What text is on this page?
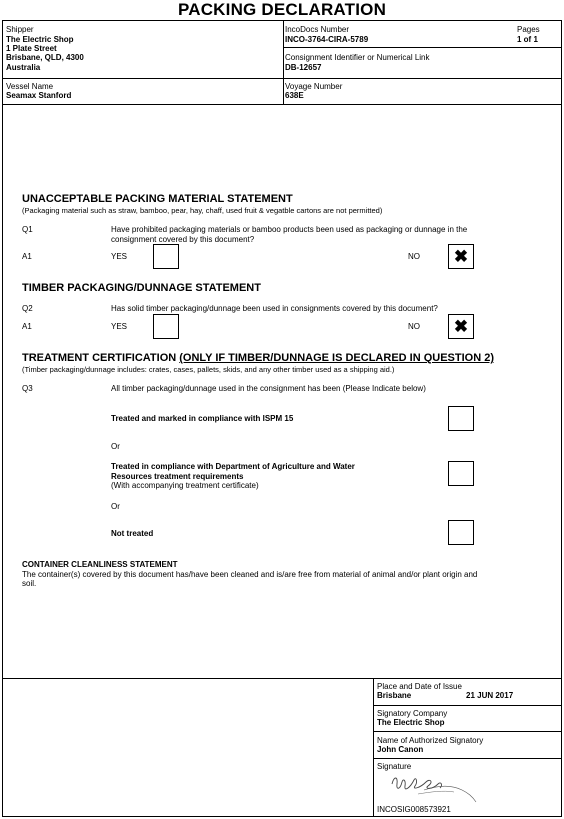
PACKING DECLARATION
Shipper
The Electric Shop
1 Plate Street
Brisbane, QLD, 4300
Australia
IncoDocs Number
INCO-3764-CIRA-5789
Pages
1 of 1
Consignment Identifier or Numerical Link
DB-12657
Vessel Name
Seamax Stanford
Voyage Number
638E
UNACCEPTABLE PACKING MATERIAL STATEMENT
(Packaging material such as straw, bamboo, pear, hay, chaff, used fruit & vegatble cartons are not permitted)
Q1	Have prohibited packaging materials or bamboo products been used as packaging or dunnage in the
consignment covered by this document?
A1	YES	NO ✖
TIMBER PACKAGING/DUNNAGE STATEMENT
Q2	Has solid timber packaging/dunnage been used in consignments covered by this document?
A1	YES	NO ✖
TREATMENT CERTIFICATION (ONLY IF TIMBER/DUNNAGE IS DECLARED IN QUESTION 2)
(Timber packaging/dunnage includes: crates, cases, pallets, skids, and any other timber used as a shipping aid.)
Q3	All timber packaging/dunnage used in the consignment has been (Please Indicate below)
Treated and marked in compliance with ISPM 15
Or
Treated in compliance with Department of Agriculture and Water
Resources treatment requirements
(With accompanying treatment certificate)
Or
Not treated
CONTAINER CLEANLINESS STATEMENT
The container(s) covered by this document has/have been cleaned and is/are free from material of animal and/or plant origin and
soil.
Place and Date of Issue
Brisbane	21 JUN 2017
Signatory Company
The Electric Shop
Name of Authorized Signatory
John Canon
Signature
INCOSIG008573921
